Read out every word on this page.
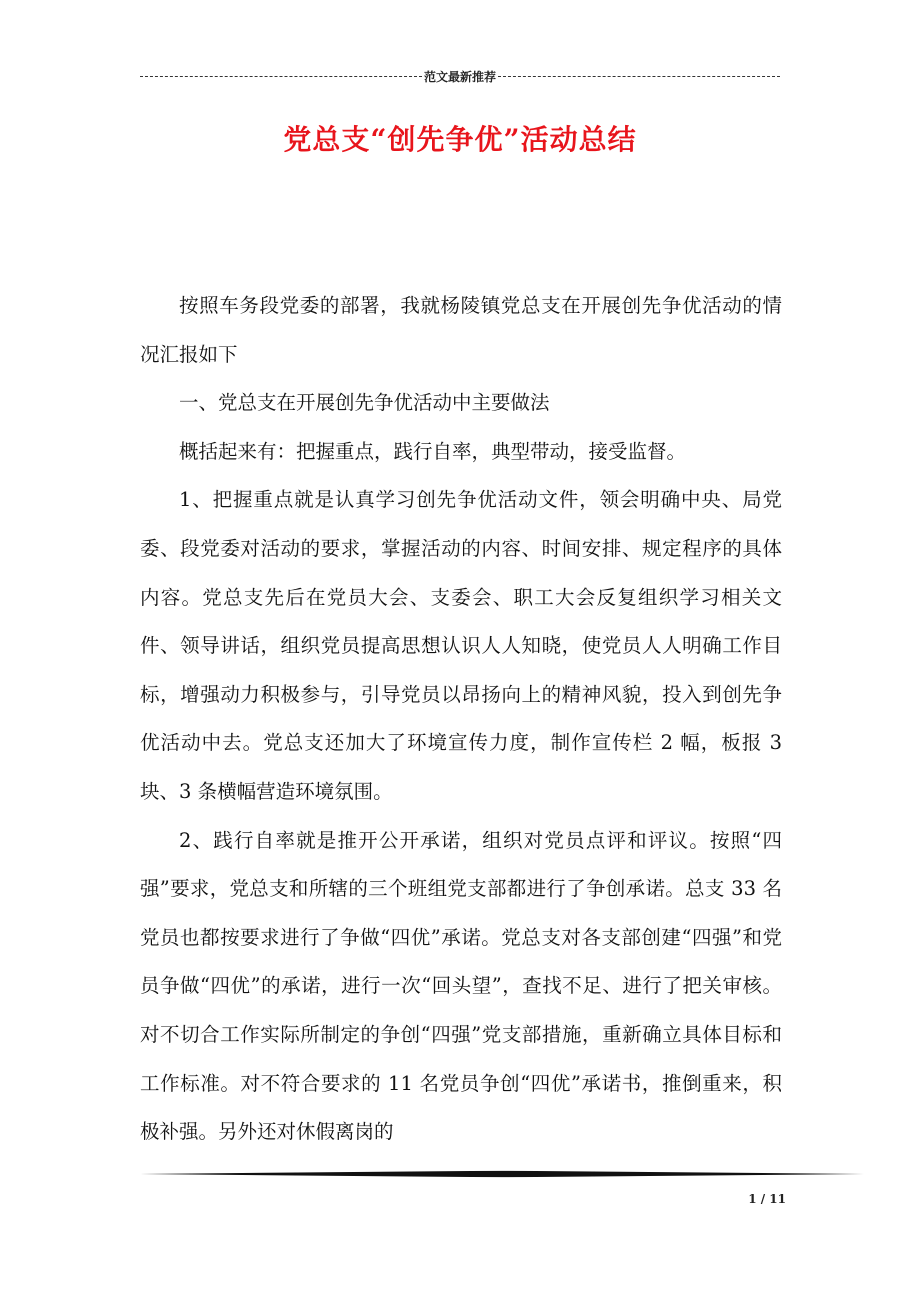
范文最新推荐
党总支“创先争优”活动总结

按照车务段党委的部署，我就杨陵镇党总支在开展创先争优活动的情况汇报如下

一、党总支在开展创先争优活动中主要做法

概括起来有：把握重点，践行自率，典型带动，接受监督。

1、把握重点就是认真学习创先争优活动文件，领会明确中央、局党委、段党委对活动的要求，掌握活动的内容、时间安排、规定程序的具体内容。党总支先后在党员大会、支委会、职工大会反复组织学习相关文件、领导讲话，组织党员提高思想认识人人知晓，使党员人人明确工作目标，增强动力积极参与，引导党员以昂扬向上的精神风貌，投入到创先争优活动中去。党总支还加大了环境宣传力度，制作宣传栏 2 幅，板报 3 块、3 条横幅营造环境氛围。

2、践行自率就是推开公开承诺，组织对党员点评和评议。按照“四强”要求，党总支和所辖的三个班组党支部都进行了争创承诺。总支 33 名党员也都按要求进行了争做“四优”承诺。党总支对各支部创建“四强”和党员争做“四优”的承诺，进行一次“回头望”，查找不足、进行了把关审核。对不切合工作实际所制定的争创“四强”党支部措施，重新确立具体目标和工作标准。对不符合要求的 11 名党员争创“四优”承诺书，推倒重来，积极补强。另外还对休假离岗的

1 / 11
